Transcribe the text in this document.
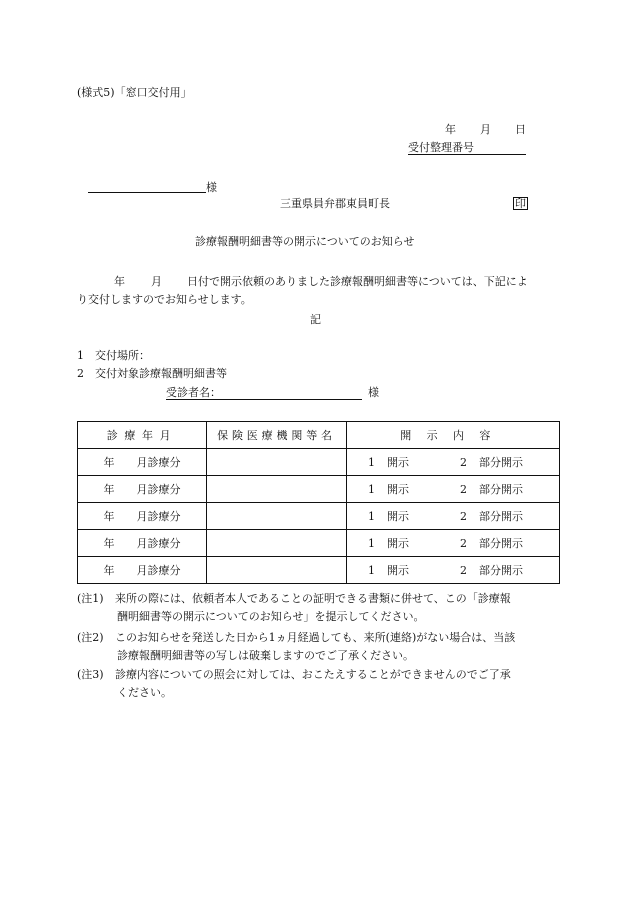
(様式5)「窓口交付用」
年 月 日
受付整理番号
様
三重県員弁郡東員町長	印
診療報酬明細書等の開示についてのお知らせ
年 月 日付で開示依頼のありました診療報酬明細書等については、下記によ
り交付しますのでお知らせします。
記
1 交付場所：
2 交付対象診療報酬明細書等
受診者名：	様
診療年月	保険医療機関等名	開示内容
年 月診療分		1 開示 2 部分開示
年 月診療分		1 開示 2 部分開示
年 月診療分		1 開示 2 部分開示
年 月診療分		1 開示 2 部分開示
年 月診療分		1 開示 2 部分開示
(注1) 来所の際には、依頼者本人であることの証明できる書類に併せて、この「診療報
酬明細書等の開示についてのお知らせ」を提示してください。
(注2) このお知らせを発送した日から1ヵ月経過しても、来所(連絡)がない場合は、当該
診療報酬明細書等の写しは破棄しますのでご了承ください。
(注3) 診療内容についての照会に対しては、おこたえすることができませんのでご了承
ください。
